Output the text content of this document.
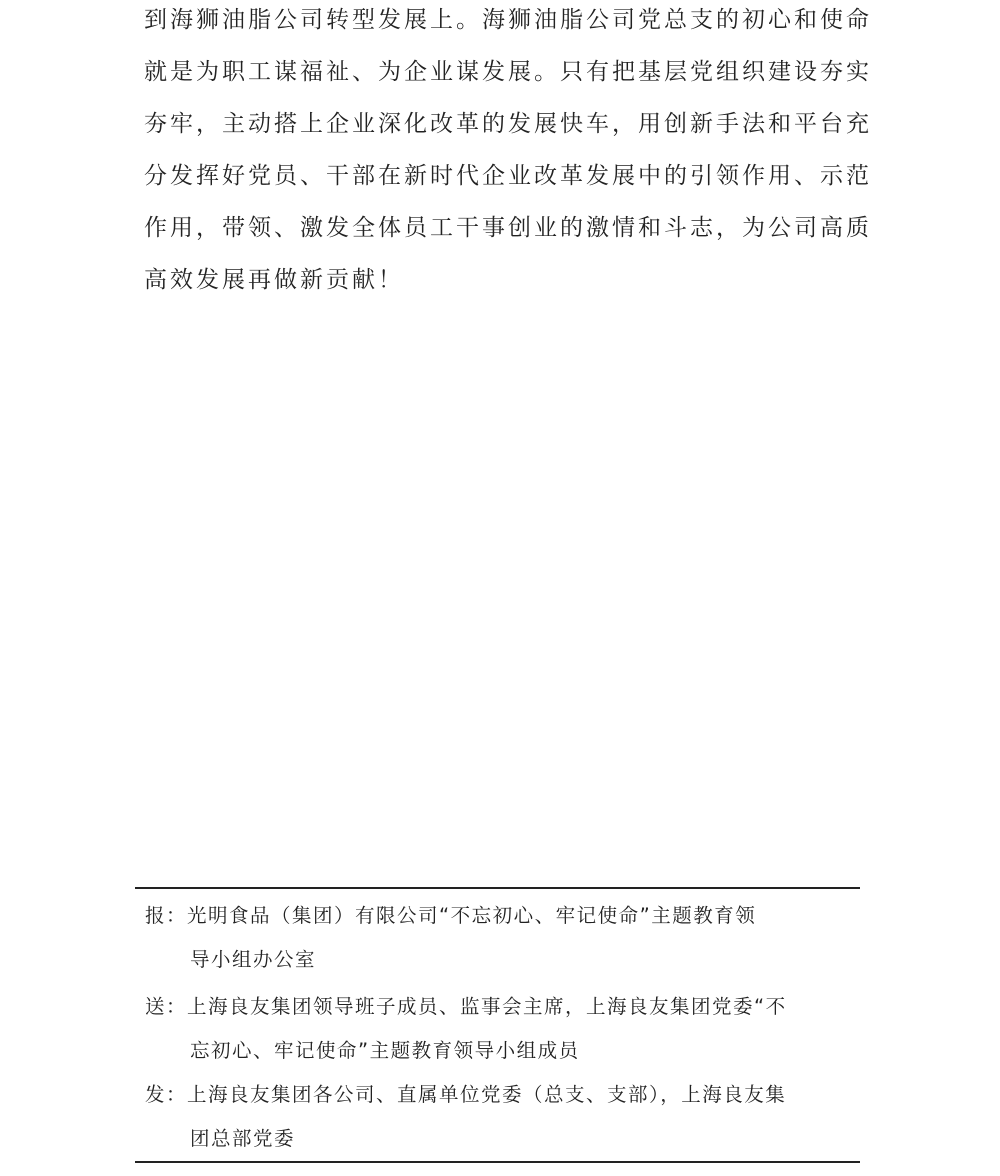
到海狮油脂公司转型发展上。海狮油脂公司党总支的初心和使命
就是为职工谋福祉、为企业谋发展。只有把基层党组织建设夯实
夯牢，主动搭上企业深化改革的发展快车，用创新手法和平台充
分发挥好党员、干部在新时代企业改革发展中的引领作用、示范
作用，带领、激发全体员工干事创业的激情和斗志，为公司高质
高效发展再做新贡献！
报：光明食品（集团）有限公司“不忘初心、牢记使命”主题教育领
导小组办公室
送：上海良友集团领导班子成员、监事会主席，上海良友集团党委“不
忘初心、牢记使命”主题教育领导小组成员
发：上海良友集团各公司、直属单位党委（总支、支部），上海良友集
团总部党委
